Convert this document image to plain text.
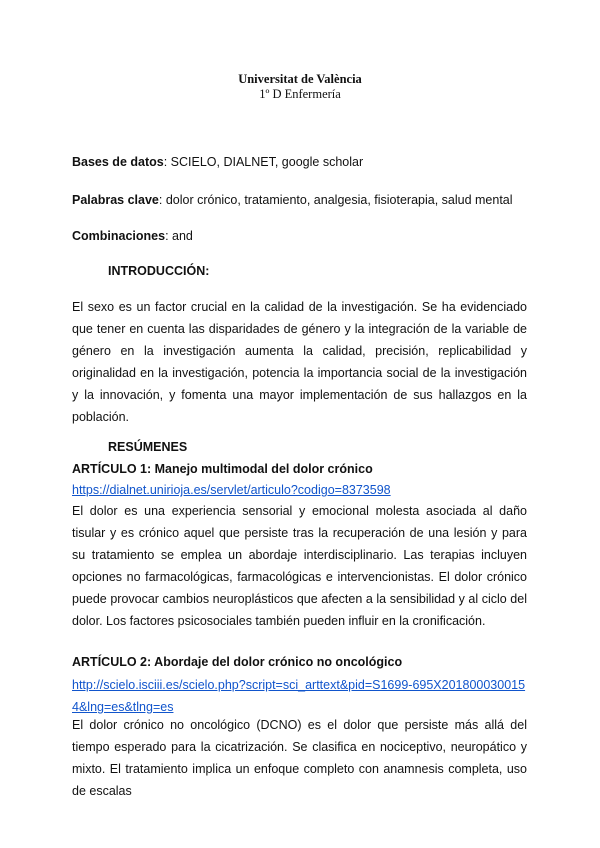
Universitat de València
1º D Enfermería
Bases de datos: SCIELO, DIALNET, google scholar
Palabras clave: dolor crónico, tratamiento, analgesia, fisioterapia, salud mental
Combinaciones: and
INTRODUCCIÓN:
El sexo es un factor crucial en la calidad de la investigación. Se ha evidenciado que tener en cuenta las disparidades de género y la integración de la variable de género en la investigación aumenta la calidad, precisión, replicabilidad y originalidad en la investigación, potencia la importancia social de la investigación y la innovación, y fomenta una mayor implementación de sus hallazgos en la población.
RESÚMENES
ARTÍCULO 1: Manejo multimodal del dolor crónico
https://dialnet.unirioja.es/servlet/articulo?codigo=8373598
El dolor es una experiencia sensorial y emocional molesta asociada al daño tisular y es crónico aquel que persiste tras la recuperación de una lesión y para su tratamiento se emplea un abordaje interdisciplinario. Las terapias incluyen opciones no farmacológicas, farmacológicas e intervencionistas. El dolor crónico puede provocar cambios neuroplásticos que afecten a la sensibilidad y al ciclo del dolor. Los factores psicosociales también pueden influir en la cronificación.
ARTÍCULO 2: Abordaje del dolor crónico no oncológico
http://scielo.isciii.es/scielo.php?script=sci_arttext&pid=S1699-695X2018000300154&lng=es&tlng=es
El dolor crónico no oncológico (DCNO) es el dolor que persiste más allá del tiempo esperado para la cicatrización. Se clasifica en nociceptivo, neuropático y mixto. El tratamiento implica un enfoque completo con anamnesis completa, uso de escalas
